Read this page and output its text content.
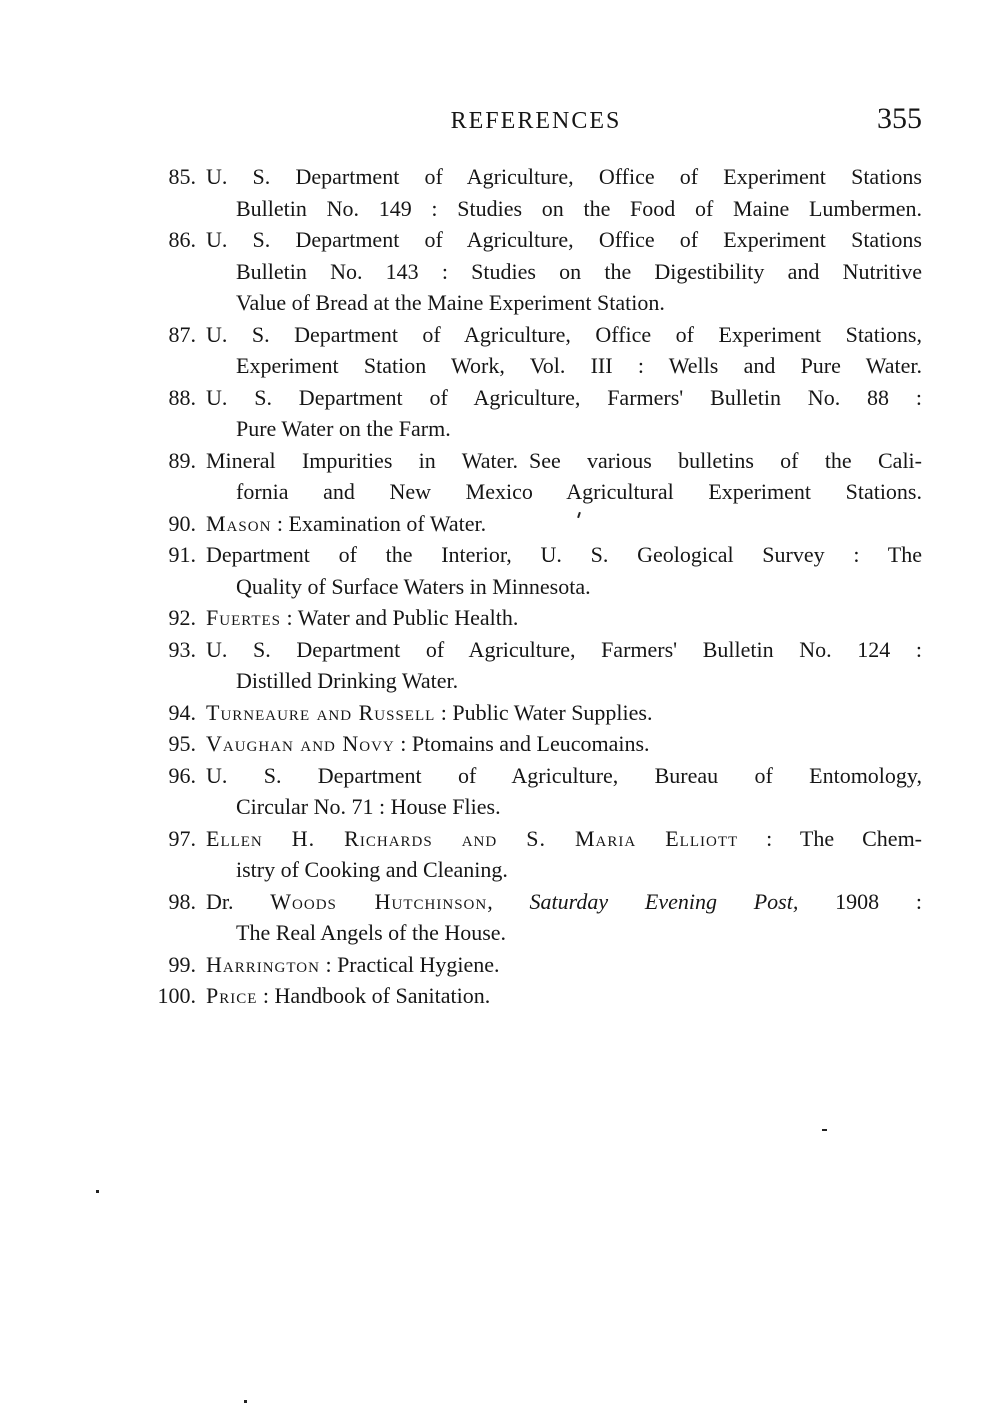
REFERENCES	355
85. U. S. Department of Agriculture, Office of Experiment Stations
Bulletin No. 149 : Studies on the Food of Maine Lumbermen.
86. U. S. Department of Agriculture, Office of Experiment Stations
Bulletin No. 143 : Studies on the Digestibility and Nutritive
Value of Bread at the Maine Experiment Station.
87. U. S. Department of Agriculture, Office of Experiment Stations,
Experiment Station Work, Vol. III : Wells and Pure Water.
88. U. S. Department of Agriculture, Farmers' Bulletin No. 88 :
Pure Water on the Farm.
89. Mineral Impurities in Water. See various bulletins of the Cali-
fornia and New Mexico Agricultural Experiment Stations.
90. Mason : Examination of Water.
91. Department of the Interior, U. S. Geological Survey : The
Quality of Surface Waters in Minnesota.
92. Fuertes : Water and Public Health.
93. U. S. Department of Agriculture, Farmers' Bulletin No. 124 :
Distilled Drinking Water.
94. Turneaure and Russell : Public Water Supplies.
95. Vaughan and Novy : Ptomains and Leucomains.
96. U. S. Department of Agriculture, Bureau of Entomology,
Circular No. 71 : House Flies.
97. Ellen H. Richards and S. Maria Elliott : The Chem-
istry of Cooking and Cleaning.
98. Dr. Woods Hutchinson, Saturday Evening Post, 1908 :
The Real Angels of the House.
99. Harrington : Practical Hygiene.
100. Price : Handbook of Sanitation.
